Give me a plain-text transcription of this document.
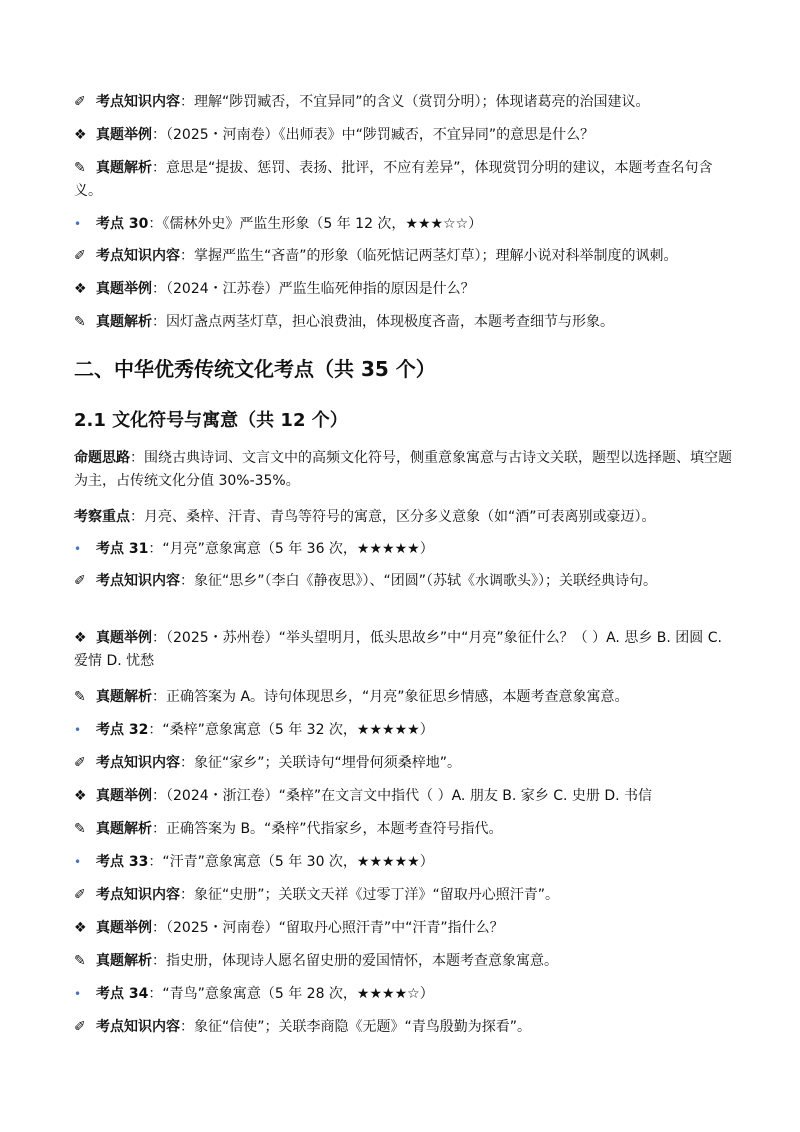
✐ 考点知识内容：理解“陟罚臧否，不宜异同”的含义（赏罚分明）；体现诸葛亮的治国建议。
❖ 真题举例：（2025・河南卷）《出师表》中“陟罚臧否，不宜异同”的意思是什么？
✎ 真题解析：意思是“提拔、惩罚、表扬、批评，不应有差异”，体现赏罚分明的建议，本题考查名句含义。
• 考点 30：《儒林外史》严监生形象（5 年 12 次，★★★☆☆）
✐ 考点知识内容：掌握严监生“吝啬”的形象（临死惦记两茎灯草）；理解小说对科举制度的讽刺。
❖ 真题举例：（2024・江苏卷）严监生临死伸指的原因是什么？
✎ 真题解析：因灯盏点两茎灯草，担心浪费油，体现极度吝啬，本题考查细节与形象。
二、中华优秀传统文化考点（共 35 个）
2.1 文化符号与寓意（共 12 个）
命题思路：围绕古典诗词、文言文中的高频文化符号，侧重意象寓意与古诗文关联，题型以选择题、填空题为主，占传统文化分值 30%-35%。
考察重点：月亮、桑梓、汗青、青鸟等符号的寓意，区分多义意象（如“酒”可表离别或豪迈）。
• 考点 31：“月亮”意象寓意（5 年 36 次，★★★★★）
✐ 考点知识内容：象征“思乡”（李白《静夜思》）、“团圆”（苏轼《水调歌头》）；关联经典诗句。
❖ 真题举例：（2025・苏州卷）“举头望明月，低头思故乡”中“月亮”象征什么？（ ）A. 思乡 B. 团圆 C. 爱情 D. 忧愁
✎ 真题解析：正确答案为 A。诗句体现思乡，“月亮”象征思乡情感，本题考查意象寓意。
• 考点 32：“桑梓”意象寓意（5 年 32 次，★★★★★）
✐ 考点知识内容：象征“家乡”；关联诗句“埋骨何须桑梓地”。
❖ 真题举例：（2024・浙江卷）“桑梓”在文言文中指代（ ）A. 朋友 B. 家乡 C. 史册 D. 书信
✎ 真题解析：正确答案为 B。“桑梓”代指家乡，本题考查符号指代。
• 考点 33：“汗青”意象寓意（5 年 30 次，★★★★★）
✐ 考点知识内容：象征“史册”；关联文天祥《过零丁洋》“留取丹心照汗青”。
❖ 真题举例：（2025・河南卷）“留取丹心照汗青”中“汗青”指什么？
✎ 真题解析：指史册，体现诗人愿名留史册的爱国情怀，本题考查意象寓意。
• 考点 34：“青鸟”意象寓意（5 年 28 次，★★★★☆）
✐ 考点知识内容：象征“信使”；关联李商隐《无题》“青鸟殷勤为探看”。
